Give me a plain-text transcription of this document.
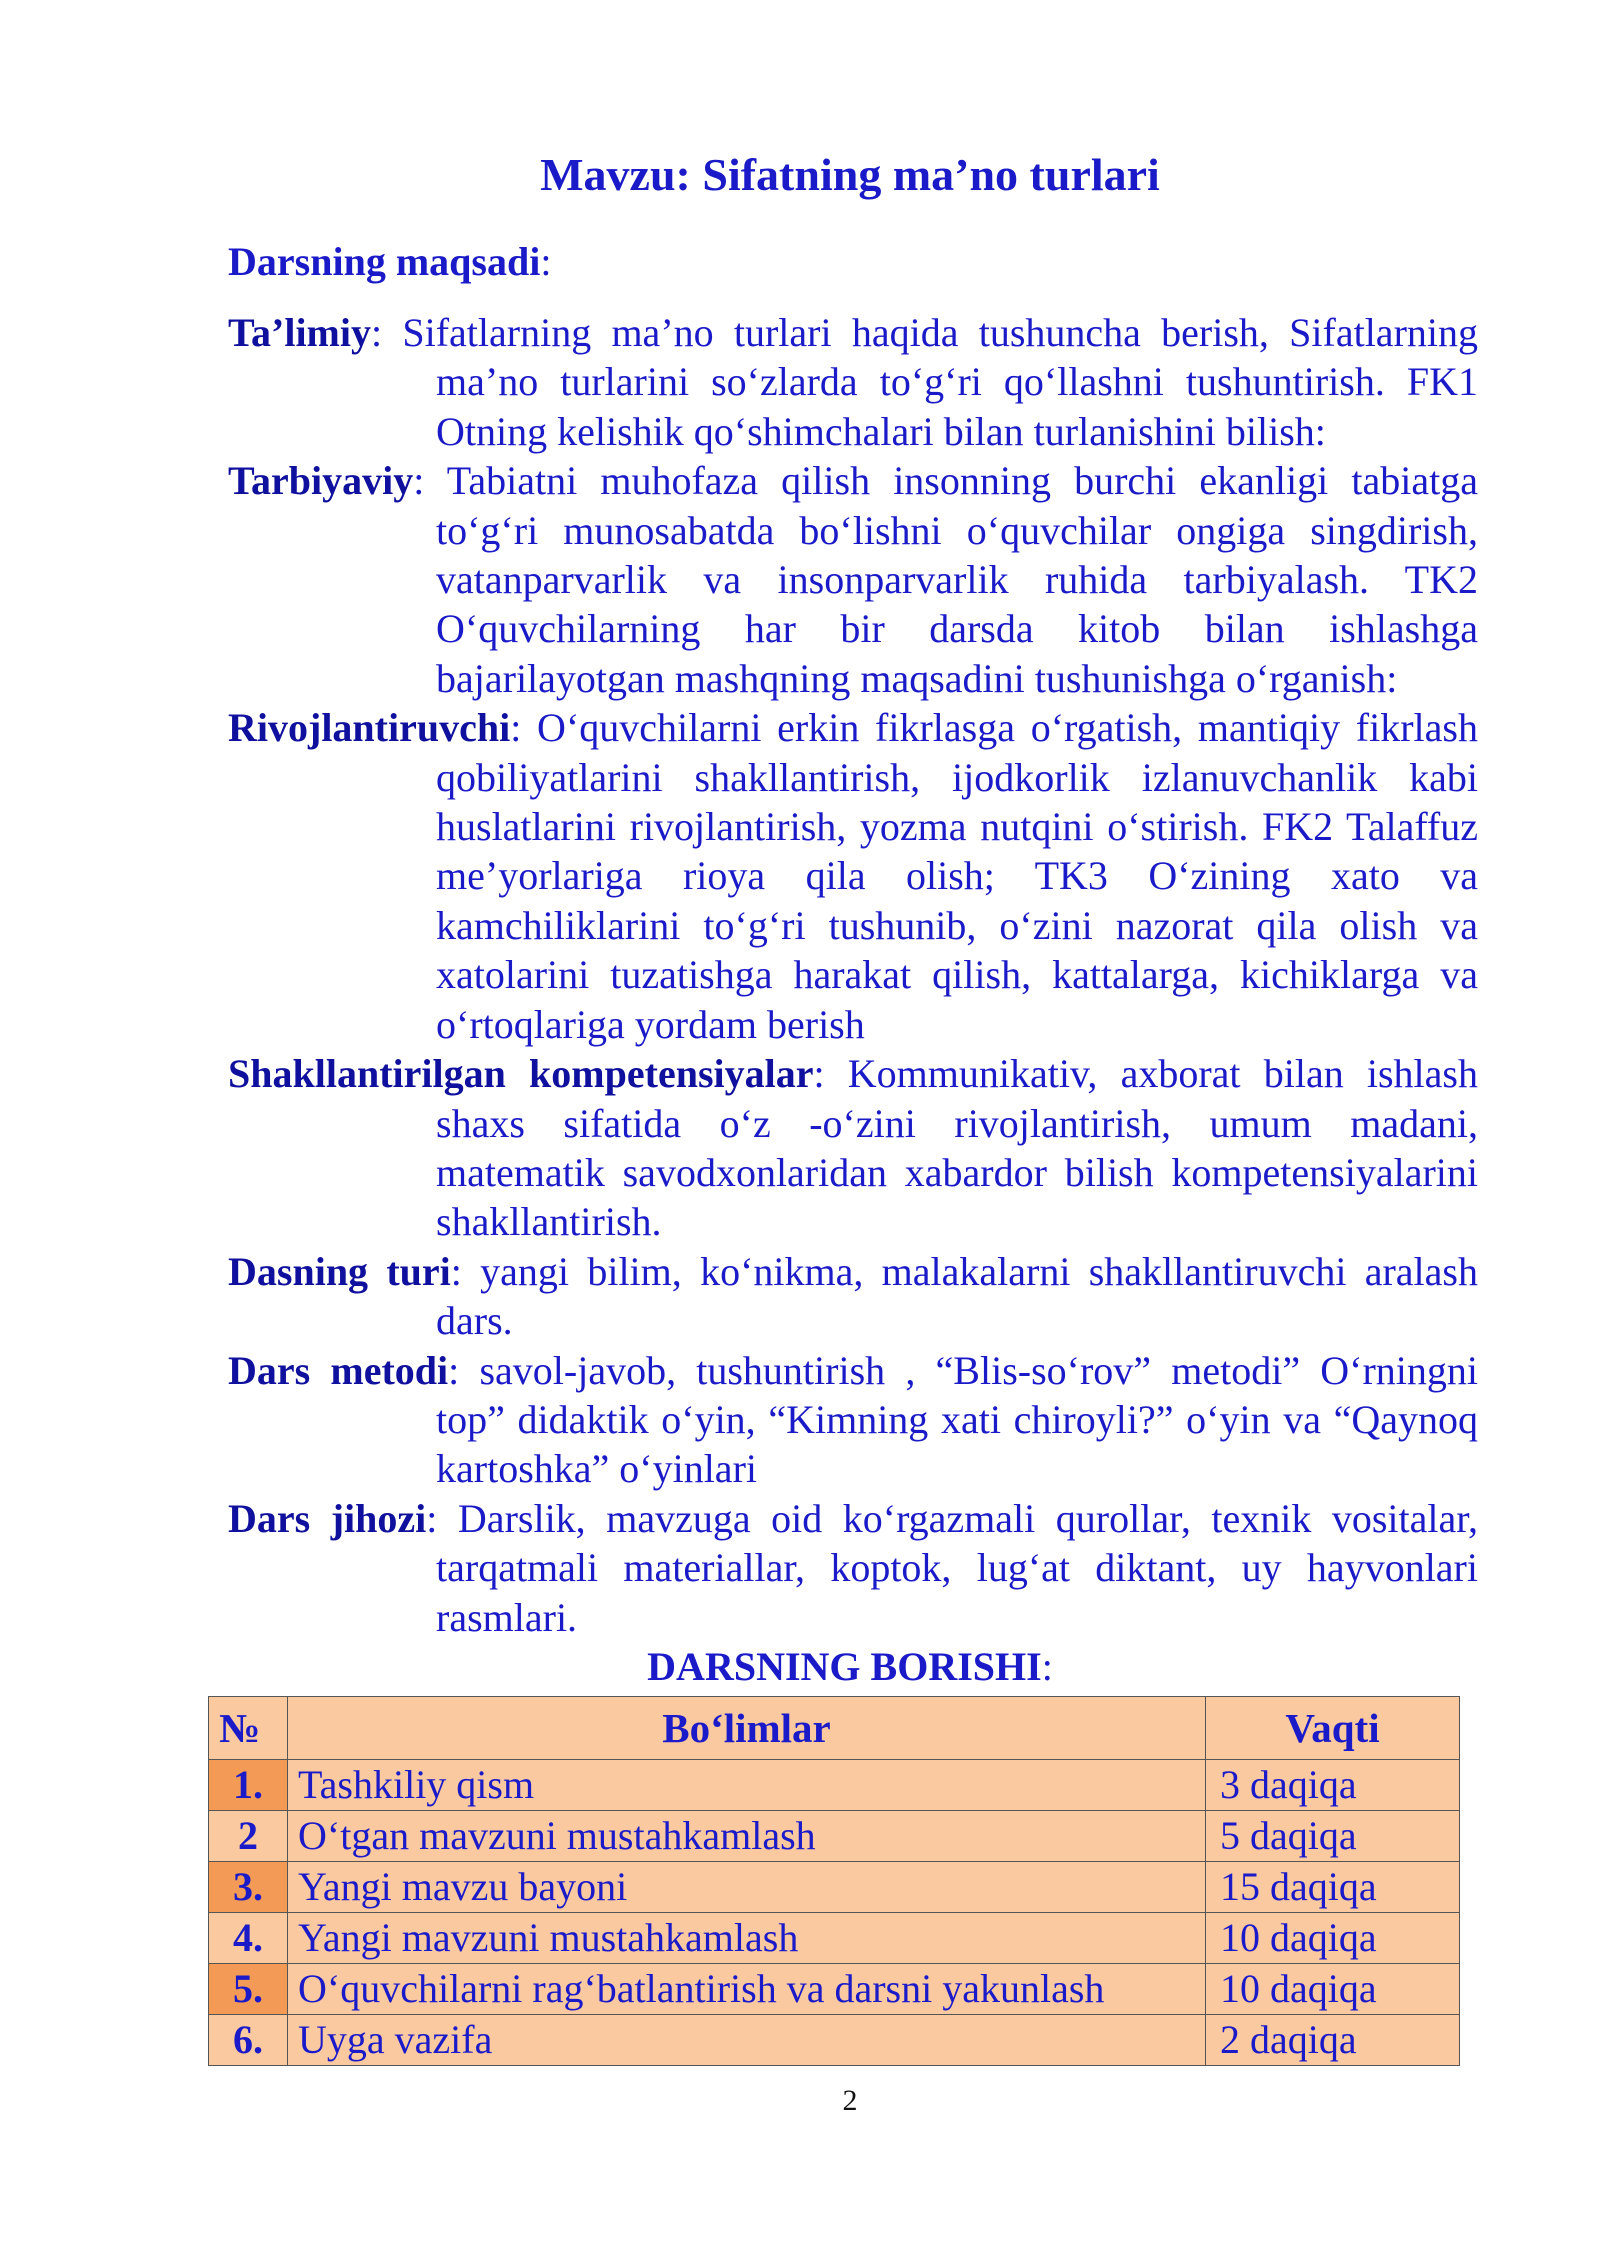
Mavzu: Sifatning ma’no turlari
Darsning maqsadi:

Ta’limiy: Sifatlarning ma’no turlari haqida tushuncha berish, Sifatlarning ma’no turlarini so‘zlarda to‘g‘ri qo‘llashni tushuntirish. FK1 Otning kelishik qo‘shimchalari bilan turlanishini bilish:

Tarbiyaviy: Tabiatni muhofaza qilish insonning burchi ekanligi tabiatga to‘g‘ri munosabatda bo‘lishni o‘quvchilar ongiga singdirish, vatanparvarlik va insonparvarlik ruhida tarbiyalash. TK2 O‘quvchilarning har bir darsda kitob bilan ishlashga bajarilayotgan mashqning maqsadini tushunishga o‘rganish:

Rivojlantiruvchi: O‘quvchilarni erkin fikrlasga o‘rgatish, mantiqiy fikrlash qobiliyatlarini shakllantirish, ijodkorlik izlanuvchanlik kabi huslatlarini rivojlantirish, yozma nutqini o‘stirish. FK2 Talaffuz me’yorlariga rioya qila olish; TK3 O‘zining xato va kamchiliklarini to‘g‘ri tushunib, o‘zini nazorat qila olish va xatolarini tuzatishga harakat qilish, kattalarga, kichiklarga va o‘rtoqlariga yordam berish

Shakllantirilgan kompetensiyalar: Kommunikativ, axborat bilan ishlash shaxs sifatida o‘z -o‘zini rivojlantirish, umum madani, matematik savodxonlaridan xabardor bilish kompetensiyalarini shakllantirish.

Dasning turi: yangi bilim, ko‘nikma, malakalarni shakllantiruvchi aralash dars.

Dars metodi: savol-javob, tushuntirish , “Blis-so‘rov” metodi” O‘rningni top” didaktik o‘yin, “Kimning xati chiroyli?” o‘yin va “Qaynoq kartoshka” o‘yinlari

Dars jihozi: Darslik, mavzuga oid ko‘rgazmali qurollar, texnik vositalar, tarqatmali materiallar, koptok, lug‘at diktant, uy hayvonlari rasmlari.

DARSNING BORISHI:
№	Bo‘limlar	Vaqti
1.	Tashkiliy qism	3 daqiqa
2	O‘tgan mavzuni mustahkamlash	5 daqiqa
3.	Yangi mavzu bayoni	15 daqiqa
4.	Yangi mavzuni mustahkamlash	10 daqiqa
5.	O‘quvchilarni rag‘batlantirish va darsni yakunlash	10 daqiqa
6.	Uyga vazifa	2 daqiqa
2
